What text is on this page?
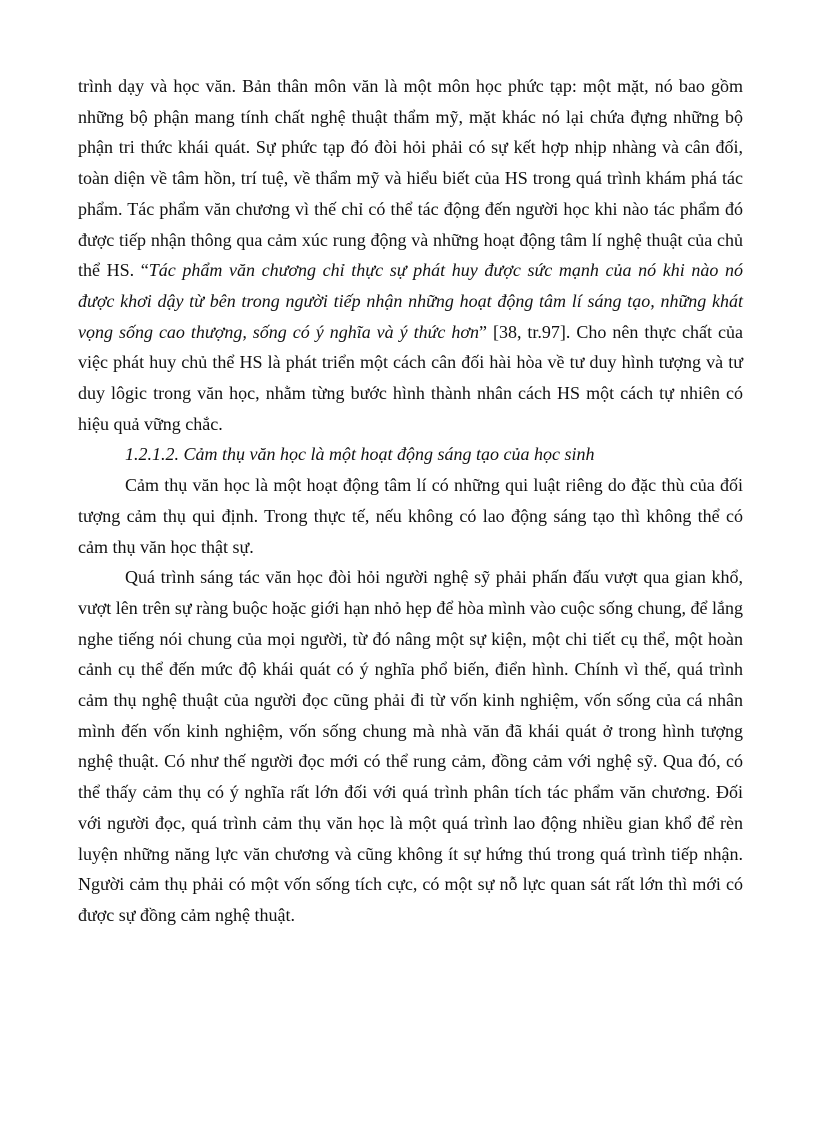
trình dạy và học văn. Bản thân môn văn là một môn học phức tạp: một mặt, nó bao gồm những bộ phận mang tính chất nghệ thuật thẩm mỹ, mặt khác nó lại chứa đựng những bộ phận tri thức khái quát. Sự phức tạp đó đòi hỏi phải có sự kết hợp nhịp nhàng và cân đối, toàn diện về tâm hồn, trí tuệ, về thẩm mỹ và hiểu biết của HS trong quá trình khám phá tác phẩm. Tác phẩm văn chương vì thế chỉ có thể tác động đến người học khi nào tác phẩm đó được tiếp nhận thông qua cảm xúc rung động và những hoạt động tâm lí nghệ thuật của chủ thể HS. “Tác phẩm văn chương chỉ thực sự phát huy được sức mạnh của nó khi nào nó được khơi dậy từ bên trong người tiếp nhận những hoạt động tâm lí sáng tạo, những khát vọng sống cao thượng, sống có ý nghĩa và ý thức hơn” [38, tr.97]. Cho nên thực chất của việc phát huy chủ thể HS là phát triển một cách cân đối hài hòa về tư duy hình tượng và tư duy lôgic trong văn học, nhằm từng bước hình thành nhân cách HS một cách tự nhiên có hiệu quả vững chắc.

1.2.1.2. Cảm thụ văn học là một hoạt động sáng tạo của học sinh

Cảm thụ văn học là một hoạt động tâm lí có những qui luật riêng do đặc thù của đối tượng cảm thụ qui định. Trong thực tế, nếu không có lao động sáng tạo thì không thể có cảm thụ văn học thật sự.

Quá trình sáng tác văn học đòi hỏi người nghệ sỹ phải phấn đấu vượt qua gian khổ, vượt lên trên sự ràng buộc hoặc giới hạn nhỏ hẹp để hòa mình vào cuộc sống chung, để lắng nghe tiếng nói chung của mọi người, từ đó nâng một sự kiện, một chi tiết cụ thể, một hoàn cảnh cụ thể đến mức độ khái quát có ý nghĩa phổ biến, điển hình. Chính vì thế, quá trình cảm thụ nghệ thuật của người đọc cũng phải đi từ vốn kinh nghiệm, vốn sống của cá nhân mình đến vốn kinh nghiệm, vốn sống chung mà nhà văn đã khái quát ở trong hình tượng nghệ thuật. Có như thế người đọc mới có thể rung cảm, đồng cảm với nghệ sỹ. Qua đó, có thể thấy cảm thụ có ý nghĩa rất lớn đối với quá trình phân tích tác phẩm văn chương. Đối với người đọc, quá trình cảm thụ văn học là một quá trình lao động nhiều gian khổ để rèn luyện những năng lực văn chương và cũng không ít sự hứng thú trong quá trình tiếp nhận. Người cảm thụ phải có một vốn sống tích cực, có một sự nỗ lực quan sát rất lớn thì mới có được sự đồng cảm nghệ thuật.
